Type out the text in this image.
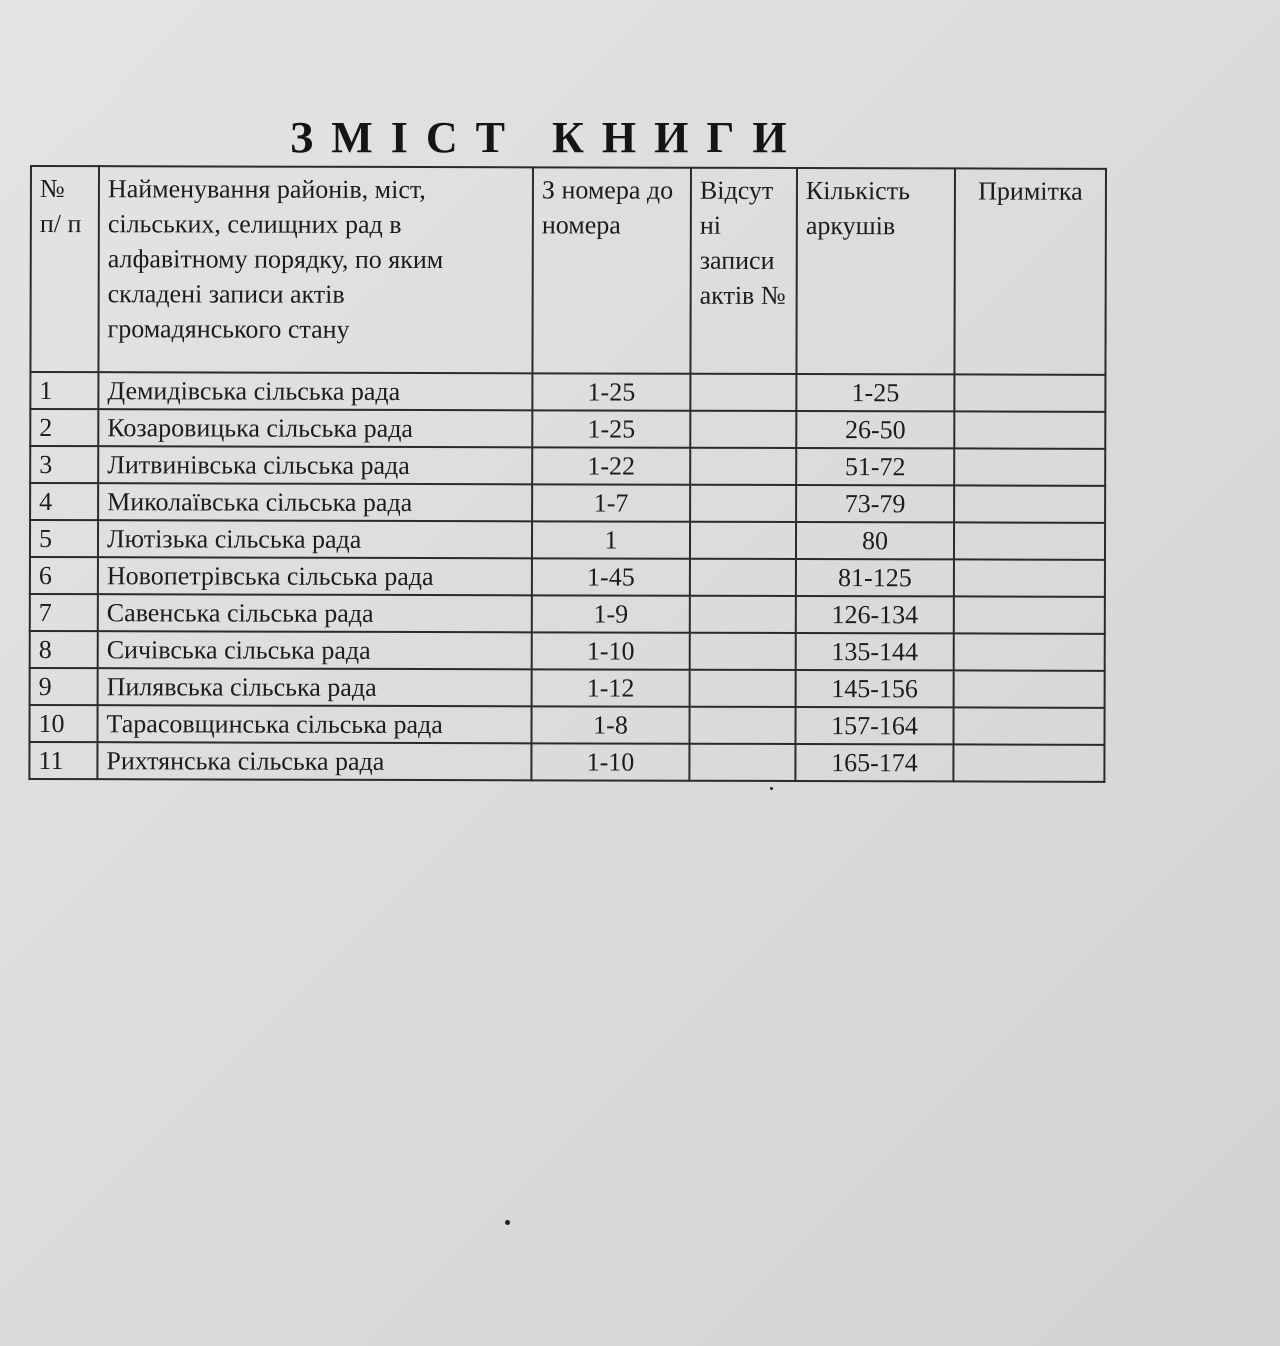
ЗМІСТ КНИГИ
№ п/ п	Найменування районів, міст, сільських, селищних рад в алфавітному порядку, по яким складені записи актів громадянського стану	З номера до номера	Відсут ні записи актів №	Кількість аркушів	Примітка
1	Демидівська сільська рада	1-25		1-25	
2	Козаровицька сільська рада	1-25		26-50	
3	Литвинівська сільська рада	1-22		51-72	
4	Миколаївська сільська рада	1-7		73-79	
5	Лютізька сільська рада	1		80	
6	Новопетрівська сільська рада	1-45		81-125	
7	Савенська сільська рада	1-9		126-134	
8	Сичівська сільська рада	1-10		135-144	
9	Пилявська сільська рада	1-12		145-156	
10	Тарасовщинська сільська рада	1-8		157-164	
11	Рихтянська сільська рада	1-10		165-174	
